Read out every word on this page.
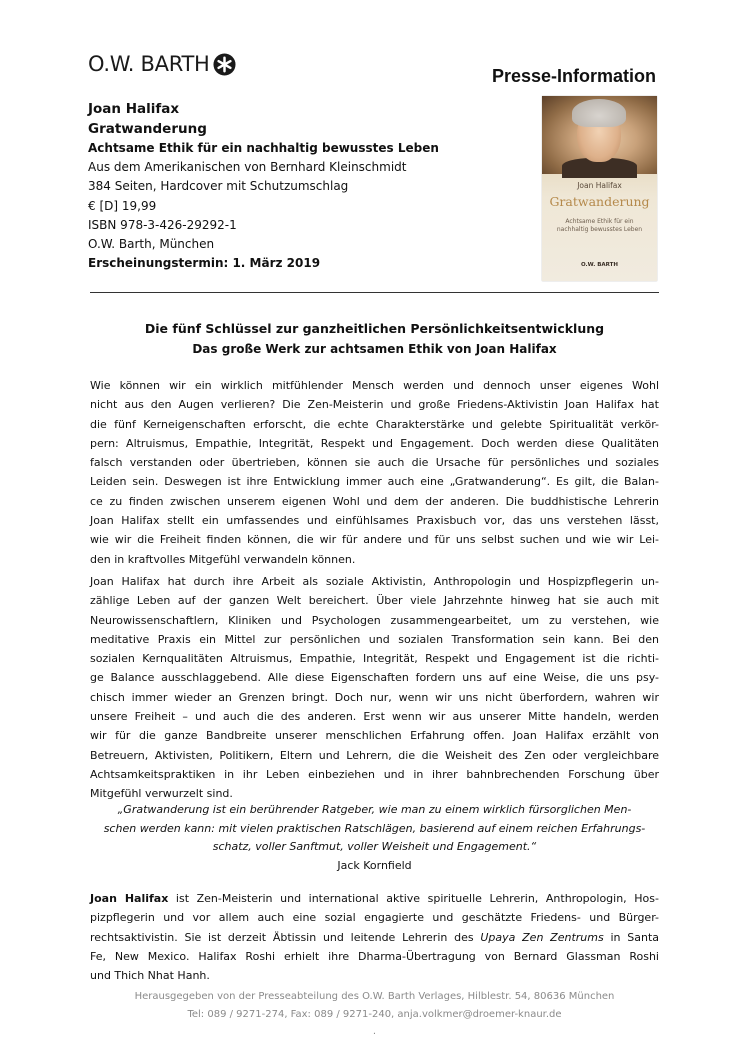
O.W. BARTH	Presse-Information
Joan Halifax
Gratwanderung
Achtsame Ethik für ein nachhaltig bewusstes Leben
Aus dem Amerikanischen von Bernhard Kleinschmidt
384 Seiten, Hardcover mit Schutzumschlag
€ [D] 19,99
ISBN 978-3-426-29292-1
O.W. Barth, München
Erscheinungstermin: 1. März 2019
Joan Halifax
Gratwanderung
Achtsame Ethik für ein
nachhaltig bewusstes Leben
O.W. BARTH
Die fünf Schlüssel zur ganzheitlichen Persönlichkeitsentwicklung
Das große Werk zur achtsamen Ethik von Joan Halifax
Wie können wir ein wirklich mitfühlender Mensch werden und dennoch unser eigenes Wohl
nicht aus den Augen verlieren? Die Zen-Meisterin und große Friedens-Aktivistin Joan Halifax hat
die fünf Kerneigenschaften erforscht, die echte Charakterstärke und gelebte Spiritualität verkör-
pern: Altruismus, Empathie, Integrität, Respekt und Engagement. Doch werden diese Qualitäten
falsch verstanden oder übertrieben, können sie auch die Ursache für persönliches und soziales
Leiden sein. Deswegen ist ihre Entwicklung immer auch eine „Gratwanderung“. Es gilt, die Balan-
ce zu finden zwischen unserem eigenen Wohl und dem der anderen. Die buddhistische Lehrerin
Joan Halifax stellt ein umfassendes und einfühlsames Praxisbuch vor, das uns verstehen lässt,
wie wir die Freiheit finden können, die wir für andere und für uns selbst suchen und wie wir Lei-
den in kraftvolles Mitgefühl verwandeln können.
Joan Halifax hat durch ihre Arbeit als soziale Aktivistin, Anthropologin und Hospizpflegerin un-
zählige Leben auf der ganzen Welt bereichert. Über viele Jahrzehnte hinweg hat sie auch mit
Neurowissenschaftlern, Kliniken und Psychologen zusammengearbeitet, um zu verstehen, wie
meditative Praxis ein Mittel zur persönlichen und sozialen Transformation sein kann. Bei den
sozialen Kernqualitäten Altruismus, Empathie, Integrität, Respekt und Engagement ist die richti-
ge Balance ausschlaggebend. Alle diese Eigenschaften fordern uns auf eine Weise, die uns psy-
chisch immer wieder an Grenzen bringt. Doch nur, wenn wir uns nicht überfordern, wahren wir
unsere Freiheit – und auch die des anderen. Erst wenn wir aus unserer Mitte handeln, werden
wir für die ganze Bandbreite unserer menschlichen Erfahrung offen. Joan Halifax erzählt von
Betreuern, Aktivisten, Politikern, Eltern und Lehrern, die die Weisheit des Zen oder vergleichbare
Achtsamkeitspraktiken in ihr Leben einbeziehen und in ihrer bahnbrechenden Forschung über
Mitgefühl verwurzelt sind.
„Gratwanderung ist ein berührender Ratgeber, wie man zu einem wirklich fürsorglichen Men-
schen werden kann: mit vielen praktischen Ratschlägen, basierend auf einem reichen Erfahrungs-
schatz, voller Sanftmut, voller Weisheit und Engagement.“
Jack Kornfield
Joan Halifax ist Zen-Meisterin und international aktive spirituelle Lehrerin, Anthropologin, Hos-
pizpflegerin und vor allem auch eine sozial engagierte und geschätzte Friedens- und Bürger-
rechtsaktivistin. Sie ist derzeit Äbtissin und leitende Lehrerin des Upaya Zen Zentrums in Santa
Fe, New Mexico. Halifax Roshi erhielt ihre Dharma-Übertragung von Bernard Glassman Roshi
und Thich Nhat Hanh.
Herausgegeben von der Presseabteilung des O.W. Barth Verlages, Hilblestr. 54, 80636 München
Tel: 089 / 9271-274, Fax: 089 / 9271-240, anja.volkmer@droemer-knaur.de
.
